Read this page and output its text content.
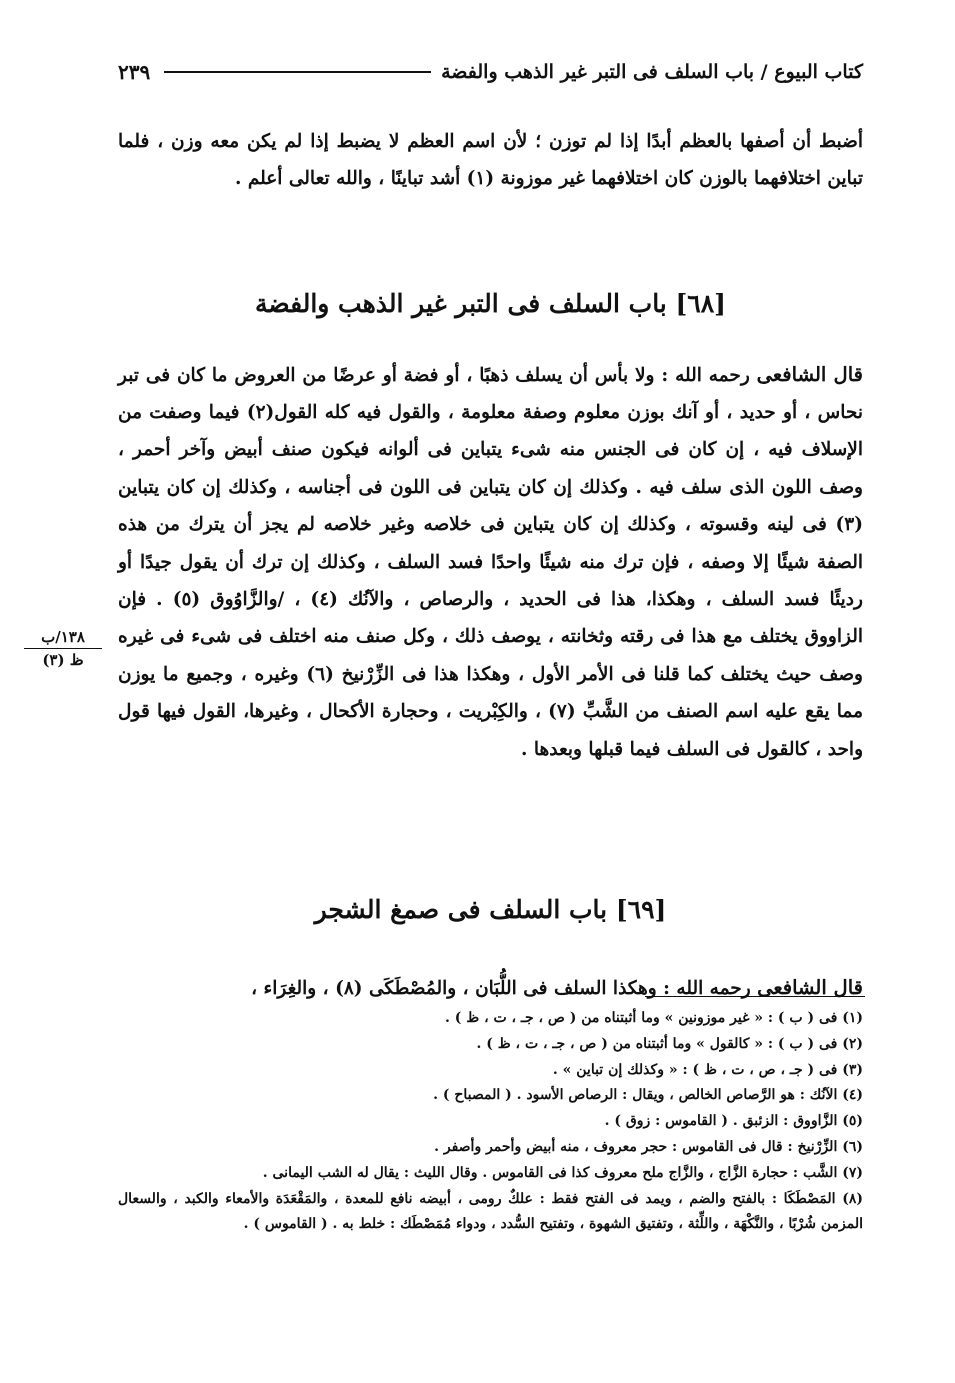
كتاب البيوع / باب السلف فى التبر غير الذهب والفضة
٢٣٩

أضبط أن أصفها بالعظم أبدًا إذا لم توزن ؛ لأن اسم العظم لا يضبط إذا لم يكن معه وزن ، فلما تباين اختلافهما بالوزن كان اختلافهما غير موزونة (١) أشد تباينًا ، والله تعالى أعلم .

[٦٨] باب السلف فى التبر غير الذهب والفضة

قال الشافعى رحمه الله : ولا بأس أن يسلف ذهبًا ، أو فضة أو عرضًا من العروض ما كان فى تبر نحاس ، أو حديد ، أو آنك بوزن معلوم وصفة معلومة ، والقول فيه كله القول(٢) فيما وصفت من الإسلاف فيه ، إن كان فى الجنس منه شىء يتباين فى ألوانه فيكون صنف أبيض وآخر أحمر ، وصف اللون الذى سلف فيه . وكذلك إن كان يتباين فى اللون فى أجناسه ، وكذلك إن كان يتباين (٣) فى لينه وقسوته ، وكذلك إن كان يتباين فى خلاصه وغير خلاصه لم يجز أن يترك من هذه الصفة شيئًا إلا وصفه ، فإن ترك منه شيئًا واحدًا فسد السلف ، وكذلك إن ترك أن يقول جيدًا أو رديئًا فسد السلف ، وهكذا، هذا فى الحديد ، والرصاص ، والآنُك (٤) ، /والزَّاوُوق (٥) . فإن الزاووق يختلف مع هذا فى رقته وثخانته ، يوصف ذلك ، وكل صنف منه اختلف فى شىء فى غيره وصف حيث يختلف كما قلنا فى الأمر الأول ، وهكذا هذا فى الزِّرْنيخ (٦) وغيره ، وجميع ما يوزن مما يقع عليه اسم الصنف من الشَّبِّ (٧) ، والكِبْريت ، وحجارة الأكحال ، وغيرها، القول فيها قول واحد ، كالقول فى السلف فيما قبلها وبعدها .

١٣٨/ب
ظ (٣)
[٦٩] باب السلف فى صمغ الشجر

قال الشافعى رحمه الله : وهكذا السلف فى اللُّبَان ، والمُصْطَكَى (٨) ، والغِرَاء ،

(١) فى ( ب ) : « غير موزونين » وما أثبتناه من ( ص ، جـ ، ت ، ظ ) .
(٢) فى ( ب ) : « كالقول » وما أثبتناه من ( ص ، جـ ، ت ، ظ ) .
(٣) فى ( جـ ، ص ، ت ، ظ ) : « وكذلك إن تباين » .
(٤) الآنُك : هو الرَّصاص الخالص ، ويقال : الرصاص الأسود . ( المصباح ) .
(٥) الزَّاووق : الزئبق . ( القاموس : زوق ) .
(٦) الزِّرْنيخ : قال فى القاموس : حجر معروف ، منه أبيض وأحمر وأصفر .
(٧) الشَّب : حجارة الزَّاج ، والزَّاج ملح معروف كذا فى القاموس . وقال الليث : يقال له الشب اليمانى .
(٨) المَصْطَكَا : بالفتح والضم ، ويمد فى الفتح فقط : علكٌ رومى ، أبيضه نافع للمعدة ، والمَقْعَدَة والأمعاء والكبد ، والسعال المزمن شُرْبًا ، والنَّكْهَة ، واللِّثة ، وتفتيق الشهوة ، وتفتيح السُّدد ، ودواء مُمَصْطَك : خلط به . ( القاموس ) .
